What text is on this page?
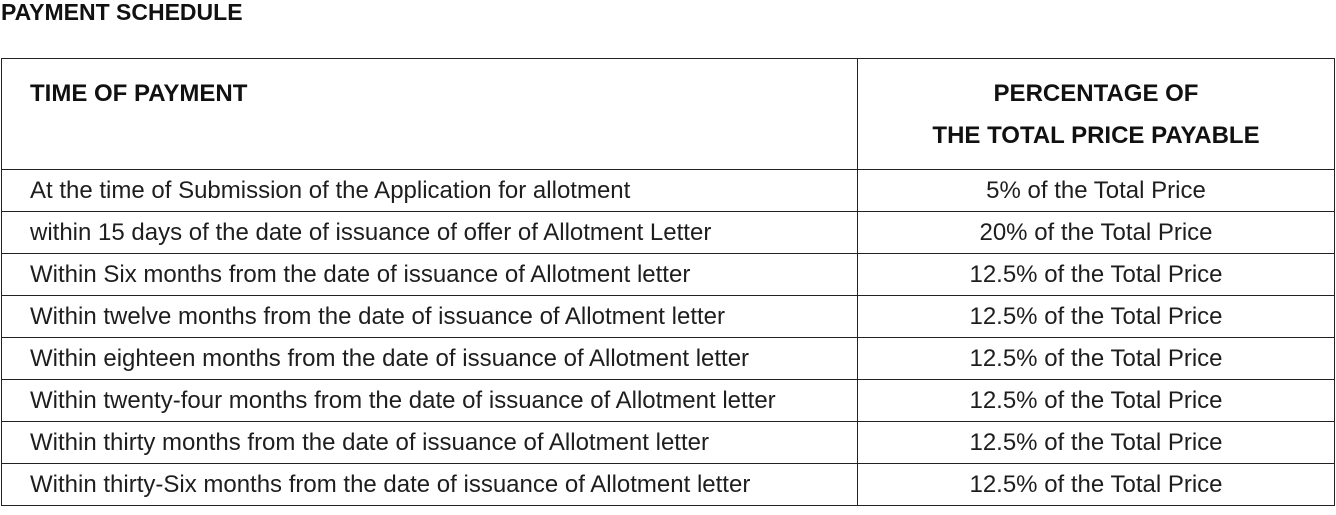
PAYMENT SCHEDULE
TIME OF PAYMENT	PERCENTAGE OF
THE TOTAL PRICE PAYABLE
At the time of Submission of the Application for allotment	5% of the Total Price
within 15 days of the date of issuance of offer of Allotment Letter	20% of the Total Price
Within Six months from the date of issuance of Allotment letter	12.5% of the Total Price
Within twelve months from the date of issuance of Allotment letter	12.5% of the Total Price
Within eighteen months from the date of issuance of Allotment letter	12.5% of the Total Price
Within twenty-four months from the date of issuance of Allotment letter	12.5% of the Total Price
Within thirty months from the date of issuance of Allotment letter	12.5% of the Total Price
Within thirty-Six months from the date of issuance of Allotment letter	12.5% of the Total Price
